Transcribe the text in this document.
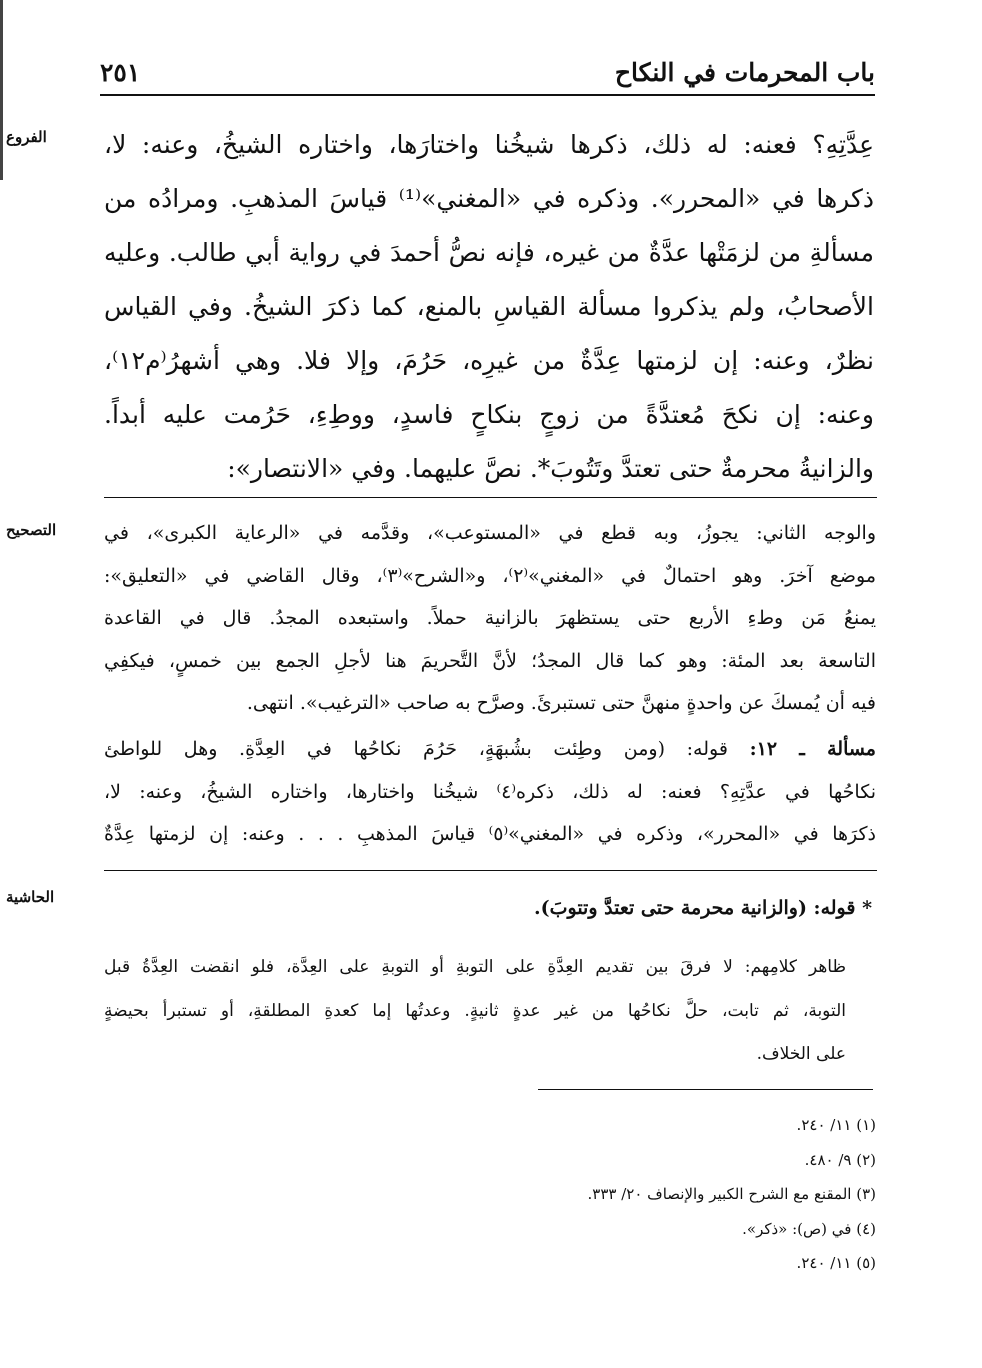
باب المحرمات في النكاح
٢٥١
الفروع	عِدَّتِهِ؟ فعنه: له ذلك، ذكرها شيخُنا واختارَها، واختاره الشيخُ، وعنه: لا،
ذكرها في «المحرر». وذكره في «المغني»⁽¹⁾ قياسَ المذهبِ. ومرادُه من
مسألةِ من لزمَتْها عدَّةٌ من غيره، فإنه نصُّ أحمدَ في رواية أبي طالب. وعليه
الأصحابُ، ولم يذكروا مسألة القياسِ بالمنع، كما ذكرَ الشيخُ. وفي القياس
نظرٌ، وعنه: إن لزمتها عِدَّةٌ من غيرِه، حَرُمَ، وإلا فلا. وهي أشهرُ⁽م١٢⁾،
وعنه: إن نكحَ مُعتدَّةً من زوجٍ بنكاحٍ فاسدٍ، ووطِءِ، حَرُمت عليه أبداً.
والزانيةُ محرمةٌ حتى تعتدَّ وتَتُوبَ*. نصَّ عليهما. وفي «الانتصار»:
التصحيح	والوجه الثاني: يجوزُ، وبه قطع في «المستوعب»، وقدَّمه في «الرعاية الكبرى»، في
موضع آخرَ. وهو احتمالٌ في «المغني»⁽٢⁾، و«الشرح»⁽٣⁾، وقال القاضي في «التعليق»:
يمنعُ مَن وطءِ الأربع حتى يستظهرَ بالزانية حملاً. واستبعده المجدُ. قال في القاعدة
التاسعة بعد المئة: وهو كما قال المجدُ؛ لأنَّ التَّحريمَ هنا لأجلِ الجمع بين خمسٍ، فيكفِي
فيه أن يُمسكَ عن واحدةٍ منهنَّ حتى تستبرئَ. وصرَّح به صاحب «الترغيب». انتهى.
مسألة ـ ١٢: قوله: (ومن وطِئت بشُبهَةٍ، حَرُمَ نكاحُها في العِدَّةِ. وهل للواطئ
نكاحُها في عدَّتِهِ؟ فعنه: له ذلك، ذكره⁽٤⁾ شيخُنا واختارها، واختاره الشيخُ، وعنه: لا،
ذكرَها في «المحرر»، وذكره في «المغني»⁽٥⁾ قياسَ المذهبِ . . . وعنه: إن لزمتها عِدَّةٌ
الحاشية	* قوله: (والزانية محرمة حتى تعتدَّ وتتوبَ).
ظاهر كلامِهم: لا فرقَ بين تقديم العِدَّةِ على التوبةِ أو التوبةِ على العِدَّة، فلو انقضت العِدَّةُ قبل
التوبة، ثم تابت، حلَّ نكاحُها من غير عدةٍ ثانيةٍ. وعدتُها إما كعدةِ المطلقةِ، أو تستبرأ بحيضةٍ
على الخلاف.
(١) ١١/ ٢٤٠.
(٢) ٩/ ٤٨٠.
(٣) المقنع مع الشرح الكبير والإنصاف ٢٠/ ٣٣٣.
(٤) في (ص): «ذكر».
(٥) ١١/ ٢٤٠.
